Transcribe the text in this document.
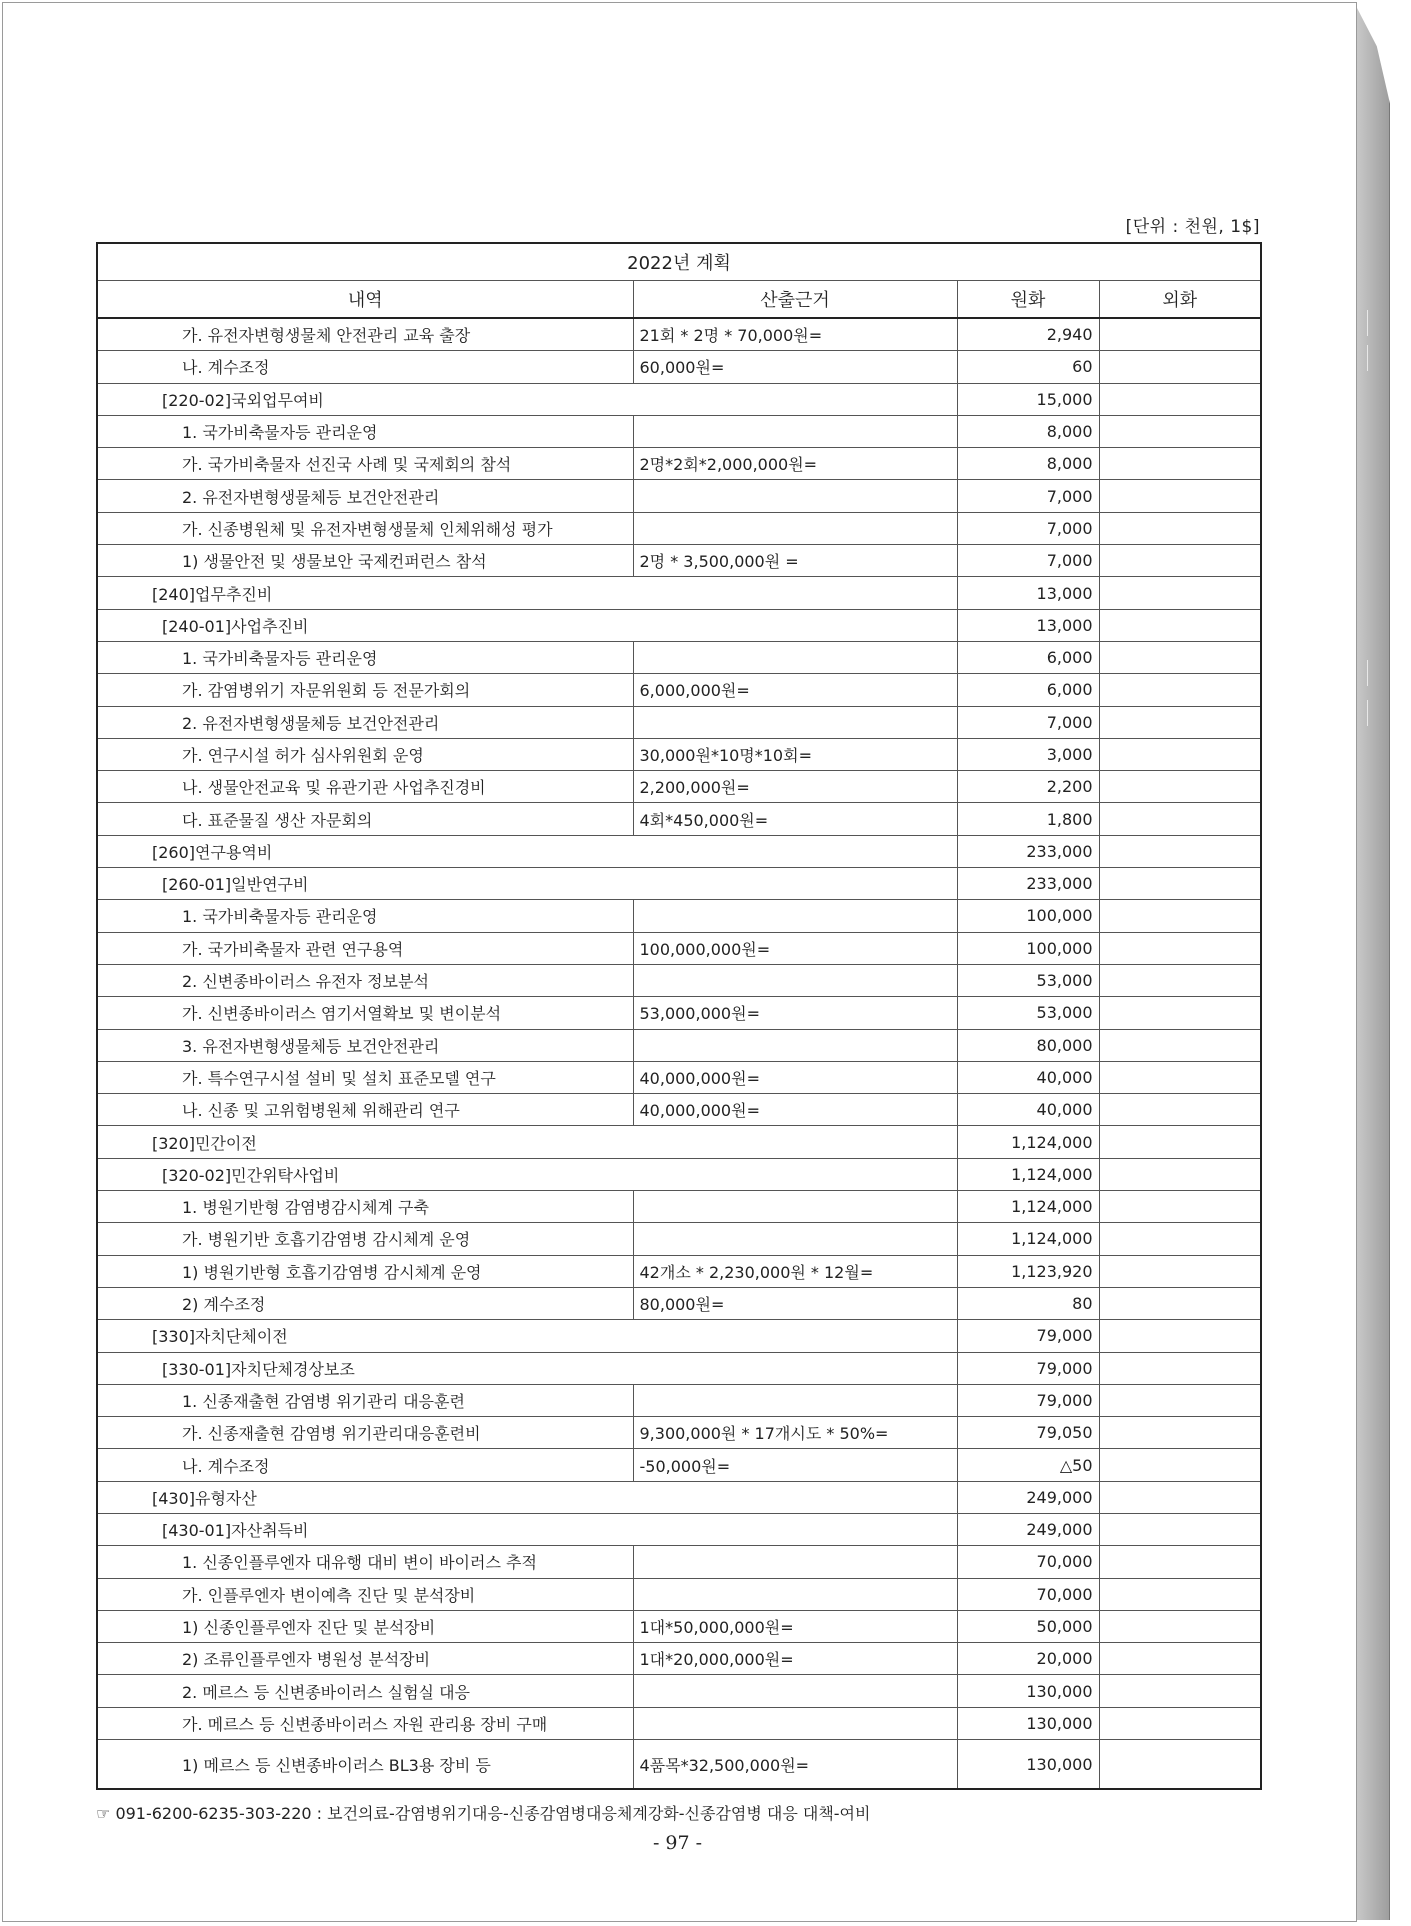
[단위 : 천원, 1$]
2022년 계획			
내역	산출근거	원화	외화
가. 유전자변형생물체 안전관리 교육 출장	21회 * 2명 * 70,000원=	2,940	
나. 계수조정	60,000원=	60	
[220-02]국외업무여비		15,000	
1. 국가비축물자등 관리운영		8,000	
가. 국가비축물자 선진국 사례 및 국제회의 참석	2명*2회*2,000,000원=	8,000	
2. 유전자변형생물체등 보건안전관리		7,000	
가. 신종병원체 및 유전자변형생물체 인체위해성 평가		7,000	
1) 생물안전 및 생물보안 국제컨퍼런스 참석	2명 * 3,500,000원 =	7,000	
[240]업무추진비		13,000	
[240-01]사업추진비		13,000	
1. 국가비축물자등 관리운영		6,000	
가. 감염병위기 자문위원회 등 전문가회의	6,000,000원=	6,000	
2. 유전자변형생물체등 보건안전관리		7,000	
가. 연구시설 허가 심사위원회 운영	30,000원*10명*10회=	3,000	
나. 생물안전교육 및 유관기관 사업추진경비	2,200,000원=	2,200	
다. 표준물질 생산 자문회의	4회*450,000원=	1,800	
[260]연구용역비		233,000	
[260-01]일반연구비		233,000	
1. 국가비축물자등 관리운영		100,000	
가. 국가비축물자 관련 연구용역	100,000,000원=	100,000	
2. 신변종바이러스 유전자 정보분석		53,000	
가. 신변종바이러스 염기서열확보 및 변이분석	53,000,000원=	53,000	
3. 유전자변형생물체등 보건안전관리		80,000	
가. 특수연구시설 설비 및 설치 표준모델 연구	40,000,000원=	40,000	
나. 신종 및 고위험병원체 위해관리 연구	40,000,000원=	40,000	
[320]민간이전		1,124,000	
[320-02]민간위탁사업비		1,124,000	
1. 병원기반형 감염병감시체계 구축		1,124,000	
가. 병원기반 호흡기감염병 감시체계 운영		1,124,000	
1) 병원기반형 호흡기감염병 감시체계 운영	42개소 * 2,230,000원 * 12월=	1,123,920	
2) 계수조정	80,000원=	80	
[330]자치단체이전		79,000	
[330-01]자치단체경상보조		79,000	
1. 신종재출현 감염병 위기관리 대응훈련		79,000	
가. 신종재출현 감염병 위기관리대응훈련비	9,300,000원 * 17개시도 * 50%=	79,050	
나. 계수조정	-50,000원=	△50	
[430]유형자산		249,000	
[430-01]자산취득비		249,000	
1. 신종인플루엔자 대유행 대비 변이 바이러스 추적		70,000	
가. 인플루엔자 변이예측 진단 및 분석장비		70,000	
1) 신종인플루엔자 진단 및 분석장비	1대*50,000,000원=	50,000	
2) 조류인플루엔자 병원성 분석장비	1대*20,000,000원=	20,000	
2. 메르스 등 신변종바이러스 실험실 대응		130,000	
가. 메르스 등 신변종바이러스 자원 관리용 장비 구매		130,000	
1) 메르스 등 신변종바이러스 BL3용 장비 등	4품목*32,500,000원=	130,000	
☞ 091-6200-6235-303-220 : 보건의료-감염병위기대응-신종감염병대응체계강화-신종감염병 대응 대책-여비
- 97 -
